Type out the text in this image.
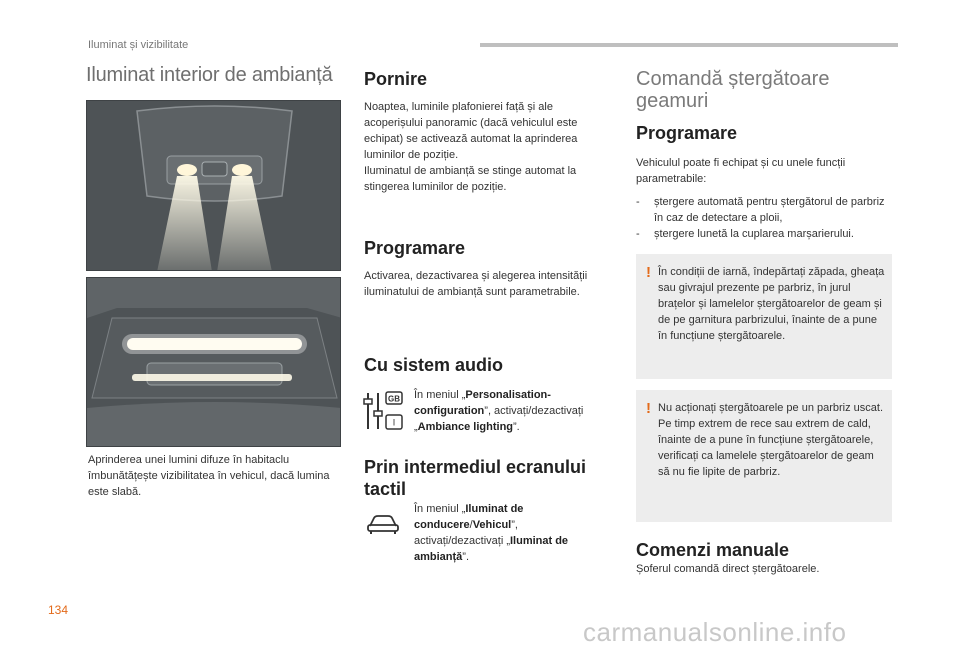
Iluminat și vizibilitate
Iluminat interior de ambianță
Aprinderea unei lumini difuze în habitaclu îmbunătățește vizibilitatea în vehicul, dacă lumina este slabă.
Pornire
Noaptea, luminile plafonierei față și ale acoperișului panoramic (dacă vehiculul este echipat) se activează automat la aprinderea luminilor de poziție.
Iluminatul de ambianță se stinge automat la stingerea luminilor de poziție.
Programare
Activarea, dezactivarea și alegerea intensității iluminatului de ambianță sunt parametrabile.
Cu sistem audio
GB
I
În meniul „Personalisation-configuration”, activați/dezactivați „Ambiance lighting”.
Prin intermediul ecranului tactil
În meniul „Iluminat de conducere/Vehicul”, activați/dezactivați „Iluminat de ambianță”.
Comandă ștergătoare geamuri
Programare
Vehiculul poate fi echipat și cu unele funcții parametrabile:
- ștergere automată pentru ștergătorul de parbriz în caz de detectare a ploii,
- ștergere lunetă la cuplarea marșarierului.
! În condiții de iarnă, îndepărtați zăpada, gheața sau givrajul prezente pe parbriz, în jurul brațelor și lamelelor ștergătoarelor de geam și de pe garnitura parbrizului, înainte de a pune în funcțiune ștergătoarele.
! Nu acționați ștergătoarele pe un parbriz uscat. Pe timp extrem de rece sau extrem de cald, înainte de a pune în funcțiune ștergătoarele, verificați ca lamelele ștergătoarelor de geam să nu fie lipite de parbriz.
Comenzi manuale
Șoferul comandă direct ștergătoarele.
134
carmanualsonline.info
